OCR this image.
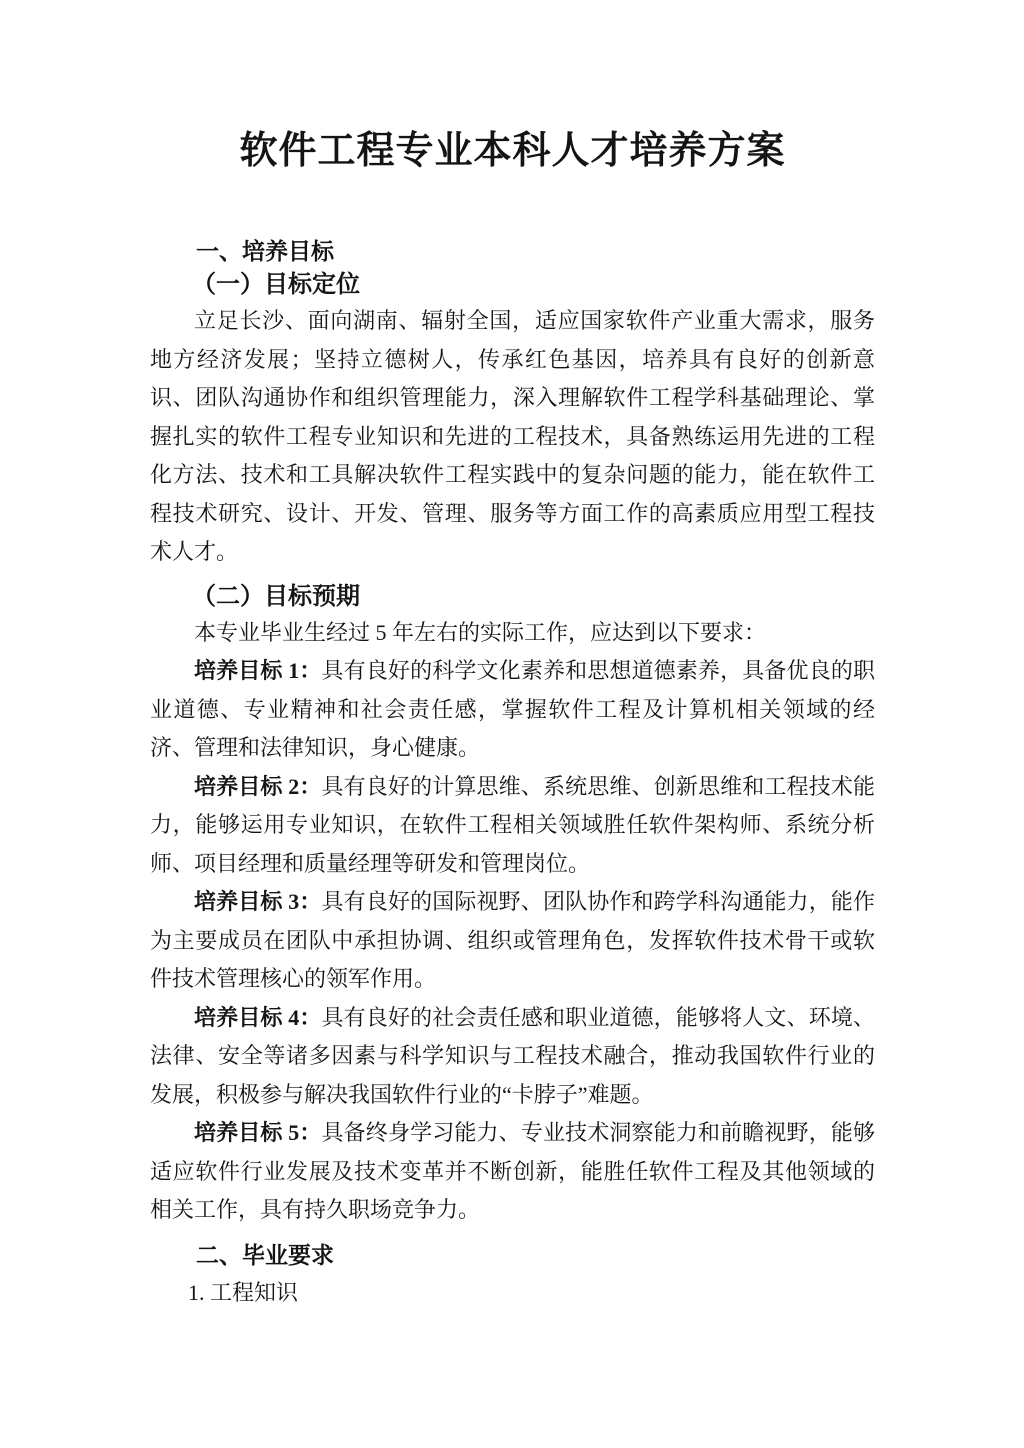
软件工程专业本科人才培养方案
一、培养目标
（一）目标定位

立足长沙、面向湖南、辐射全国，适应国家软件产业重大需求，服务地方经济发展；坚持立德树人，传承红色基因，培养具有良好的创新意识、团队沟通协作和组织管理能力，深入理解软件工程学科基础理论、掌握扎实的软件工程专业知识和先进的工程技术，具备熟练运用先进的工程化方法、技术和工具解决软件工程实践中的复杂问题的能力，能在软件工程技术研究、设计、开发、管理、服务等方面工作的高素质应用型工程技术人才。

（二）目标预期

本专业毕业生经过 5 年左右的实际工作，应达到以下要求：

培养目标 1：具有良好的科学文化素养和思想道德素养，具备优良的职业道德、专业精神和社会责任感，掌握软件工程及计算机相关领域的经济、管理和法律知识，身心健康。

培养目标 2：具有良好的计算思维、系统思维、创新思维和工程技术能力，能够运用专业知识，在软件工程相关领域胜任软件架构师、系统分析师、项目经理和质量经理等研发和管理岗位。

培养目标 3：具有良好的国际视野、团队协作和跨学科沟通能力，能作为主要成员在团队中承担协调、组织或管理角色，发挥软件技术骨干或软件技术管理核心的领军作用。

培养目标 4：具有良好的社会责任感和职业道德，能够将人文、环境、法律、安全等诸多因素与科学知识与工程技术融合，推动我国软件行业的发展，积极参与解决我国软件行业的“卡脖子”难题。

培养目标 5：具备终身学习能力、专业技术洞察能力和前瞻视野，能够适应软件行业发展及技术变革并不断创新，能胜任软件工程及其他领域的相关工作，具有持久职场竞争力。

二、毕业要求
1. 工程知识
